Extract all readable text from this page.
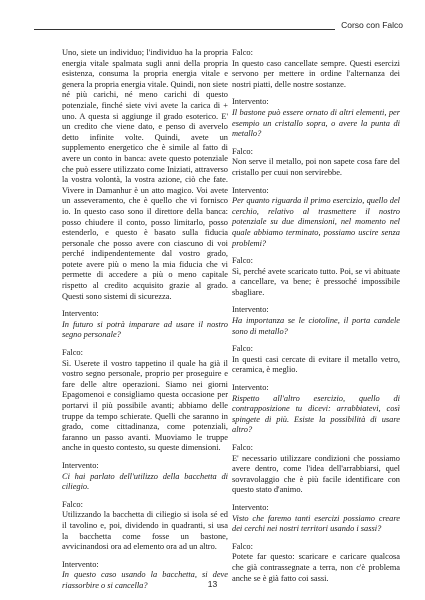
Corso con Falco

Uno, siete un individuo; l'individuo ha la propria energia vitale spalmata sugli anni della propria esistenza, consuma la propria energia vitale e genera la propria energia vitale. Quindi, non siete né più carichi, né meno carichi di questo potenziale, finché siete vivi avete la carica di + uno. A questa si aggiunge il grado esoterico. E' un credito che viene dato, e penso di avervelo detto infinite volte. Quindi, avete un supplemento energetico che è simile al fatto di avere un conto in banca: avete questo potenziale che può essere utilizzato come Iniziati, attraverso la vostra volontà, la vostra azione, ciò che fate. Vivere in Damanhur è un atto magico. Voi avete un asseveramento, che è quello che vi fornisco io. In questo caso sono il direttore della banca: posso chiudere il conto, posso limitarlo, posso estenderlo, e questo è basato sulla fiducia personale che posso avere con ciascuno di voi perché indipendentemente dal vostro grado, potete avere più o meno la mia fiducia che vi permette di accedere a più o meno capitale rispetto al credito acquisito grazie al grado. Questi sono sistemi di sicurezza.

Intervento:

In futuro si potrà imparare ad usare il nostro segno personale?

Falco:

Sì. Userete il vostro tappetino il quale ha già il vostro segno personale, proprio per proseguire e fare delle altre operazioni. Siamo nei giorni Epagomenoi e consigliamo questa occasione per portarvi il più possibile avanti; abbiamo delle truppe da tempo schierate. Quelli che saranno in grado, come cittadinanza, come potenziali, faranno un passo avanti. Muoviamo le truppe anche in questo contesto, su queste dimensioni.

Intervento:

Ci hai parlato dell'utilizzo della bacchetta di ciliegio.

Falco:

Utilizzando la bacchetta di ciliegio si isola sé ed il tavolino e, poi, dividendo in quadranti, si usa la bacchetta come fosse un bastone, avvicinandosi ora ad elemento ora ad un altro.

Intervento:

In questo caso usando la bacchetta, si deve riassorbire o si cancella?

Falco:

In questo caso cancellate sempre. Questi esercizi servono per mettere in ordine l'alternanza dei nostri piatti, delle nostre sostanze.

Intervento:

Il bastone può essere ornato di altri elementi, per esempio un cristallo sopra, o avere la punta di metallo?

Falco:

Non serve il metallo, poi non sapete cosa fare del cristallo per cuui non servirebbe.

Intervento:

Per quanto riguarda il primo esercizio, quello del cerchio, relativo al trasmettere il nostro potenziale su due dimensioni, nel momento nel quale abbiamo terminato, possiamo uscire senza problemi?

Falco:

Sì, perché avete scaricato tutto. Poi, se vi abituate a cancellare, va bene; è pressoché impossibile sbagliare.

Intervento:

Ha importanza se le ciotoline, il porta candele sono di metallo?

Falco:

In questi casi cercate di evitare il metallo vetro, ceramica, è meglio.

Intervento:

Rispetto all'altro esercizio, quello di contrapposizione tu dicevi: arrabbiatevi, così spingete di più. Esiste la possibilità di usare altro?

Falco:

E' necessario utilizzare condizioni che possiamo avere dentro, come l'idea dell'arrabbiarsi, quel sovravolaggio che è più facile identificare con questo stato d'animo.

Intervento:

Visto che faremo tanti esercizi possiamo creare dei cerchi nei nostri territori usando i sassi?

Falco:

Potete far questo: scaricare e caricare qualcosa che già contrassegnate a terra, non c'è problema anche se è già fatto coi sassi.

13
